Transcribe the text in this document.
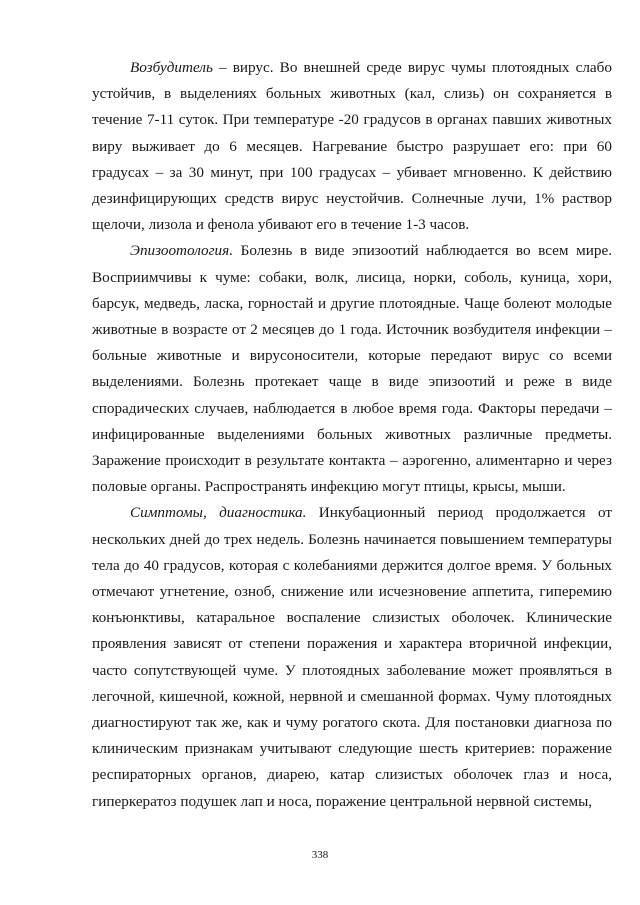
Возбудитель – вирус. Во внешней среде вирус чумы плотоядных слабо устойчив, в выделениях больных животных (кал, слизь) он сохраняется в течение 7-11 суток. При температуре -20 градусов в органах павших животных виру выживает до 6 месяцев. Нагревание быстро разрушает его: при 60 градусах – за 30 минут, при 100 градусах – убивает мгновенно. К действию дезинфицирующих средств вирус неустойчив. Солнечные лучи, 1% раствор щелочи, лизола и фенола убивают его в течение 1-3 часов.

Эпизоотология. Болезнь в виде эпизоотий наблюдается во всем мире. Восприимчивы к чуме: собаки, волк, лисица, норки, соболь, куница, хори, барсук, медведь, ласка, горностай и другие плотоядные. Чаще болеют молодые животные в возрасте от 2 месяцев до 1 года. Источник возбудителя инфекции – больные животные и вирусоносители, которые передают вирус со всеми выделениями. Болезнь протекает чаще в виде эпизоотий и реже в виде спорадических случаев, наблюдается в любое время года. Факторы передачи – инфицированные выделениями больных животных различные предметы. Заражение происходит в результате контакта – аэрогенно, алиментарно и через половые органы. Распространять инфекцию могут птицы, крысы, мыши.

Симптомы, диагностика. Инкубационный период продолжается от нескольких дней до трех недель. Болезнь начинается повышением температуры тела до 40 градусов, которая с колебаниями держится долгое время. У больных отмечают угнетение, озноб, снижение или исчезновение аппетита, гиперемию конъюнктивы, катаральное воспаление слизистых оболочек. Клинические проявления зависят от степени поражения и характера вторичной инфекции, часто сопутствующей чуме. У плотоядных заболевание может проявляться в легочной, кишечной, кожной, нервной и смешанной формах. Чуму плотоядных диагностируют так же, как и чуму рогатого скота. Для постановки диагноза по клиническим признакам учитывают следующие шесть критериев: поражение респираторных органов, диарею, катар слизистых оболочек глаз и носа, гиперкератоз подушек лап и носа, поражение центральной нервной системы,

338
